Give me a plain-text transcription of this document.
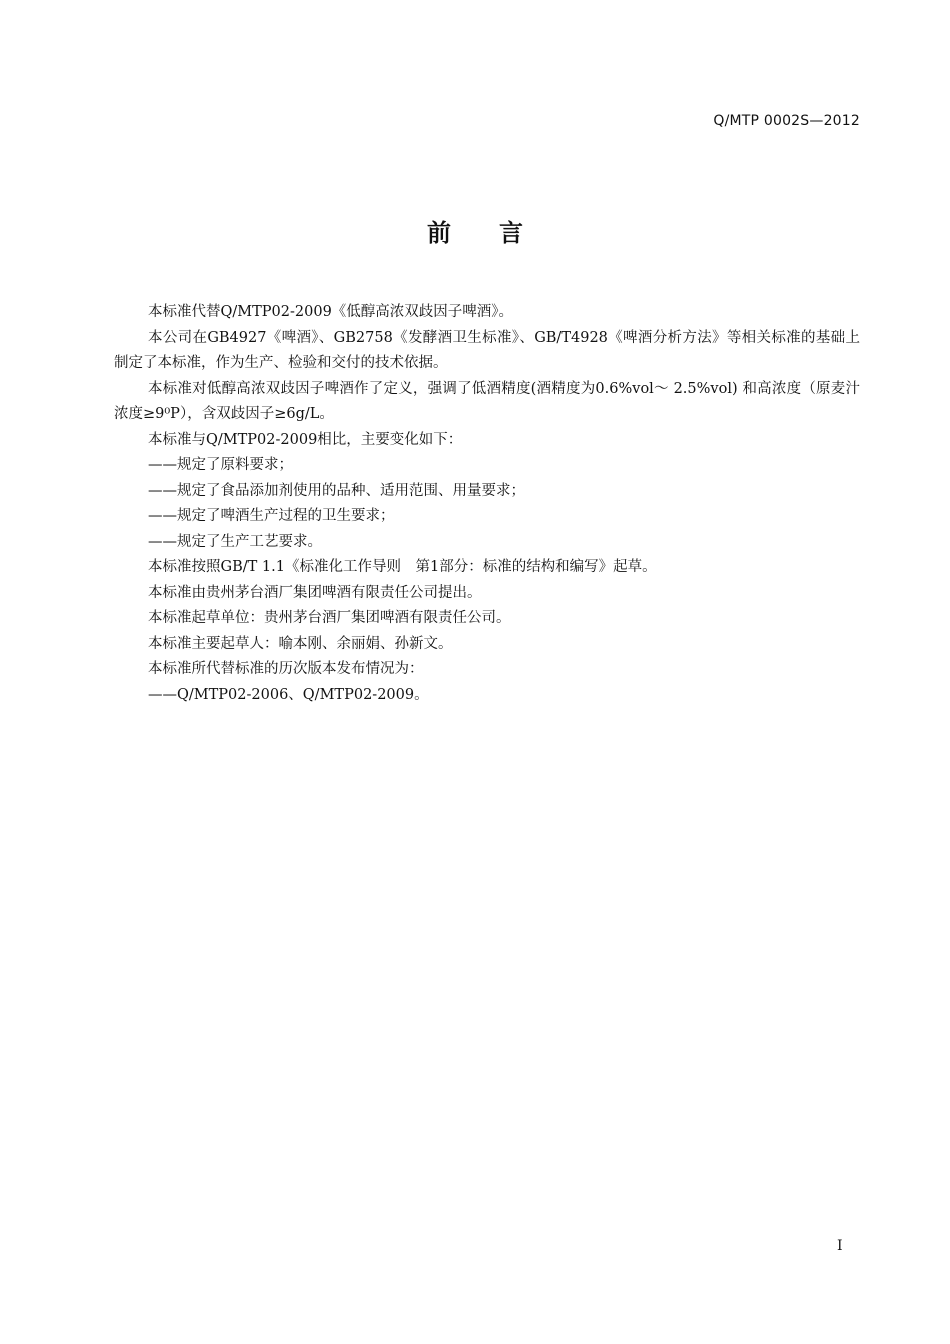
Q/MTP 0002S—2012
前言

本标准代替Q/MTP02-2009《低醇高浓双歧因子啤酒》。

本公司在GB4927《啤酒》、GB2758《发酵酒卫生标准》、GB/T4928《啤酒分析方法》等相关标准的基础上制定了本标准，作为生产、检验和交付的技术依据。

本标准对低醇高浓双歧因子啤酒作了定义，强调了低酒精度(酒精度为0.6%vol～ 2.5%vol) 和高浓度（原麦汁浓度≥9⁰P），含双歧因子≥6g/L。

本标准与Q/MTP02-2009相比，主要变化如下：

——规定了原料要求；

——规定了食品添加剂使用的品种、适用范围、用量要求；

——规定了啤酒生产过程的卫生要求；

——规定了生产工艺要求。

本标准按照GB/T 1.1《标准化工作导则　第1部分：标准的结构和编写》起草。

本标准由贵州茅台酒厂集团啤酒有限责任公司提出。

本标准起草单位：贵州茅台酒厂集团啤酒有限责任公司。

本标准主要起草人：喻本刚、余丽娟、孙新文。

本标准所代替标准的历次版本发布情况为：

——Q/MTP02-2006、Q/MTP02-2009。

I
